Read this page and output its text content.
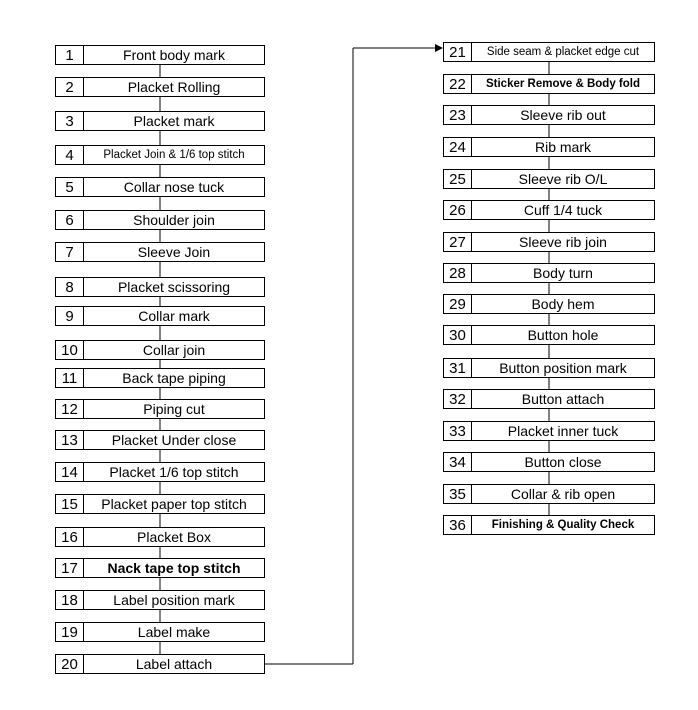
1	Front body mark
2	Placket Rolling
3	Placket mark
4	Placket Join & 1/6 top stitch
5	Collar nose tuck
6	Shoulder join
7	Sleeve Join
8	Placket scissoring
9	Collar mark
10	Collar join
11	Back tape piping
12	Piping cut
13	Placket Under close
14	Placket 1/6 top stitch
15	Placket paper top stitch
16	Placket Box
17	Nack tape top stitch
18	Label position mark
19	Label make
20	Label attach
21	Side seam & placket edge cut
22	Sticker Remove & Body fold
23	Sleeve rib out
24	Rib mark
25	Sleeve rib O/L
26	Cuff 1/4 tuck
27	Sleeve rib join
28	Body turn
29	Body hem
30	Button hole
31	Button position mark
32	Button attach
33	Placket inner tuck
34	Button close
35	Collar & rib open
36	Finishing & Quality Check
